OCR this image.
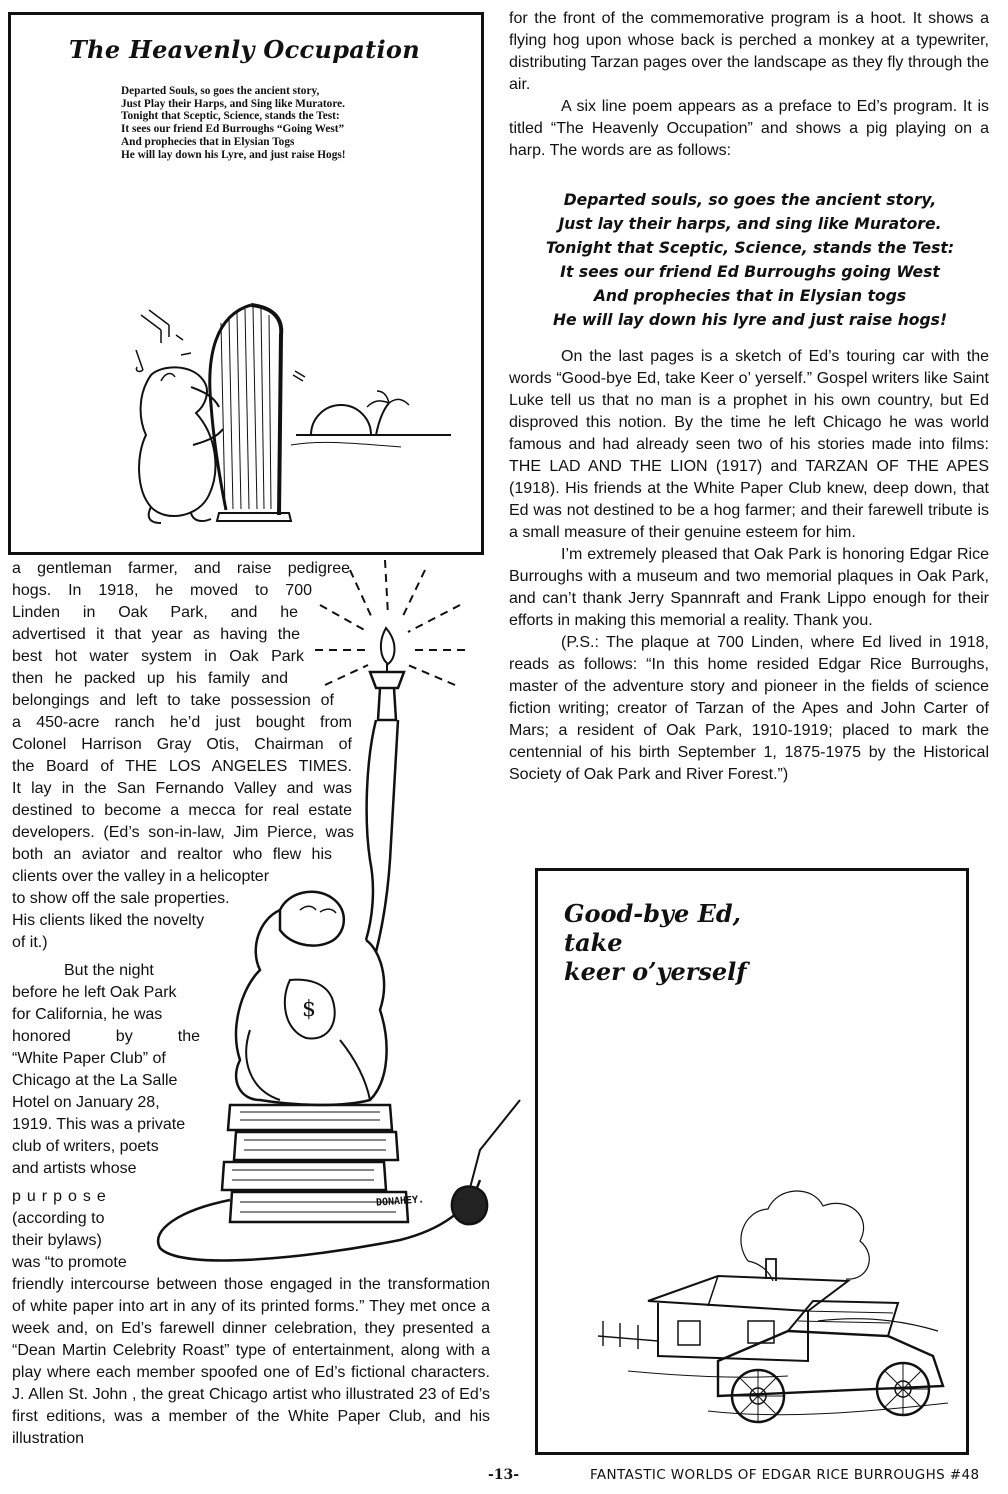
The Heavenly Occupation
Departed Souls, so goes the ancient story,
Just Play their Harps, and Sing like Muratore.
Tonight that Sceptic, Science, stands the Test:
It sees our friend Ed Burroughs “Going West”
And prophecies that in Elysian Togs
He will lay down his Lyre, and just raise Hogs!

for the front of the commemorative program is a hoot. It shows a flying hog upon whose back is perched a monkey at a typewriter, distributing Tarzan pages over the landscape as they fly through the air.

A six line poem appears as a preface to Ed’s program. It is titled “The Heavenly Occupation” and shows a pig playing on a harp. The words are as follows:

Departed souls, so goes the ancient story,
Just lay their harps, and sing like Muratore.
Tonight that Sceptic, Science, stands the Test:
It sees our friend Ed Burroughs going West
And prophecies that in Elysian togs
He will lay down his lyre and just raise hogs!

On the last pages is a sketch of Ed’s touring car with the words “Good-bye Ed, take Keer o’ yerself.” Gospel writers like Saint Luke tell us that no man is a prophet in his own country, but Ed disproved this notion. By the time he left Chicago he was world famous and had already seen two of his stories made into films: THE LAD AND THE LION (1917) and TARZAN OF THE APES (1918). His friends at the White Paper Club knew, deep down, that Ed was not destined to be a hog farmer; and their farewell tribute is a small measure of their genuine esteem for him.

I’m extremely pleased that Oak Park is honoring Edgar Rice Burroughs with a museum and two memorial plaques in Oak Park, and can’t thank Jerry Spannraft and Frank Lippo enough for their efforts in making this memorial a reality. Thank you.

(P.S.: The plaque at 700 Linden, where Ed lived in 1918, reads as follows: “In this home resided Edgar Rice Burroughs, master of the adventure story and pioneer in the fields of science fiction writing; creator of Tarzan of the Apes and John Carter of Mars; a resident of Oak Park, 1910-1919; placed to mark the centennial of his birth September 1, 1875-1975 by the Historical Society of Oak Park and River Forest.”)

a gentleman farmer, and raise pedigree
hogs. In 1918, he moved to 700
Linden in Oak Park, and he
advertised it that year as having the
best hot water system in Oak Park
then he packed up his family and
belongings and left to take possession of
a 450-acre ranch he’d just bought from
Colonel Harrison Gray Otis, Chairman of
the Board of THE LOS ANGELES TIMES.
It lay in the San Fernando Valley and was
destined to become a mecca for real estate
developers. (Ed’s son-in-law, Jim Pierce, was
both an aviator and realtor who flew his
clients over the valley in a helicopter
to show off the sale properties.
His clients liked the novelty
of it.)
But the night
before he left Oak Park
for California, he was
honored by the
“White Paper Club” of
Chicago at the La Salle
Hotel on January 28,
1919. This was a private
club of writers, poets
and artists whose
purpose
(according to
their bylaws)
was “to promote

friendly intercourse between those engaged in the transformation of white paper into art in any of its printed forms.” They met once a week and, on Ed’s farewell dinner celebration, they presented a “Dean Martin Celebrity Roast” type of entertainment, along with a play where each member spoofed one of Ed’s fictional characters. J. Allen St. John , the great Chicago artist who illustrated 23 of Ed’s first editions, was a member of the White Paper Club, and his illustration

$
DONAHEY.
Good-bye Ed, take
keer o’yerself
-13-	FANTASTIC WORLDS OF EDGAR RICE BURROUGHS #48
